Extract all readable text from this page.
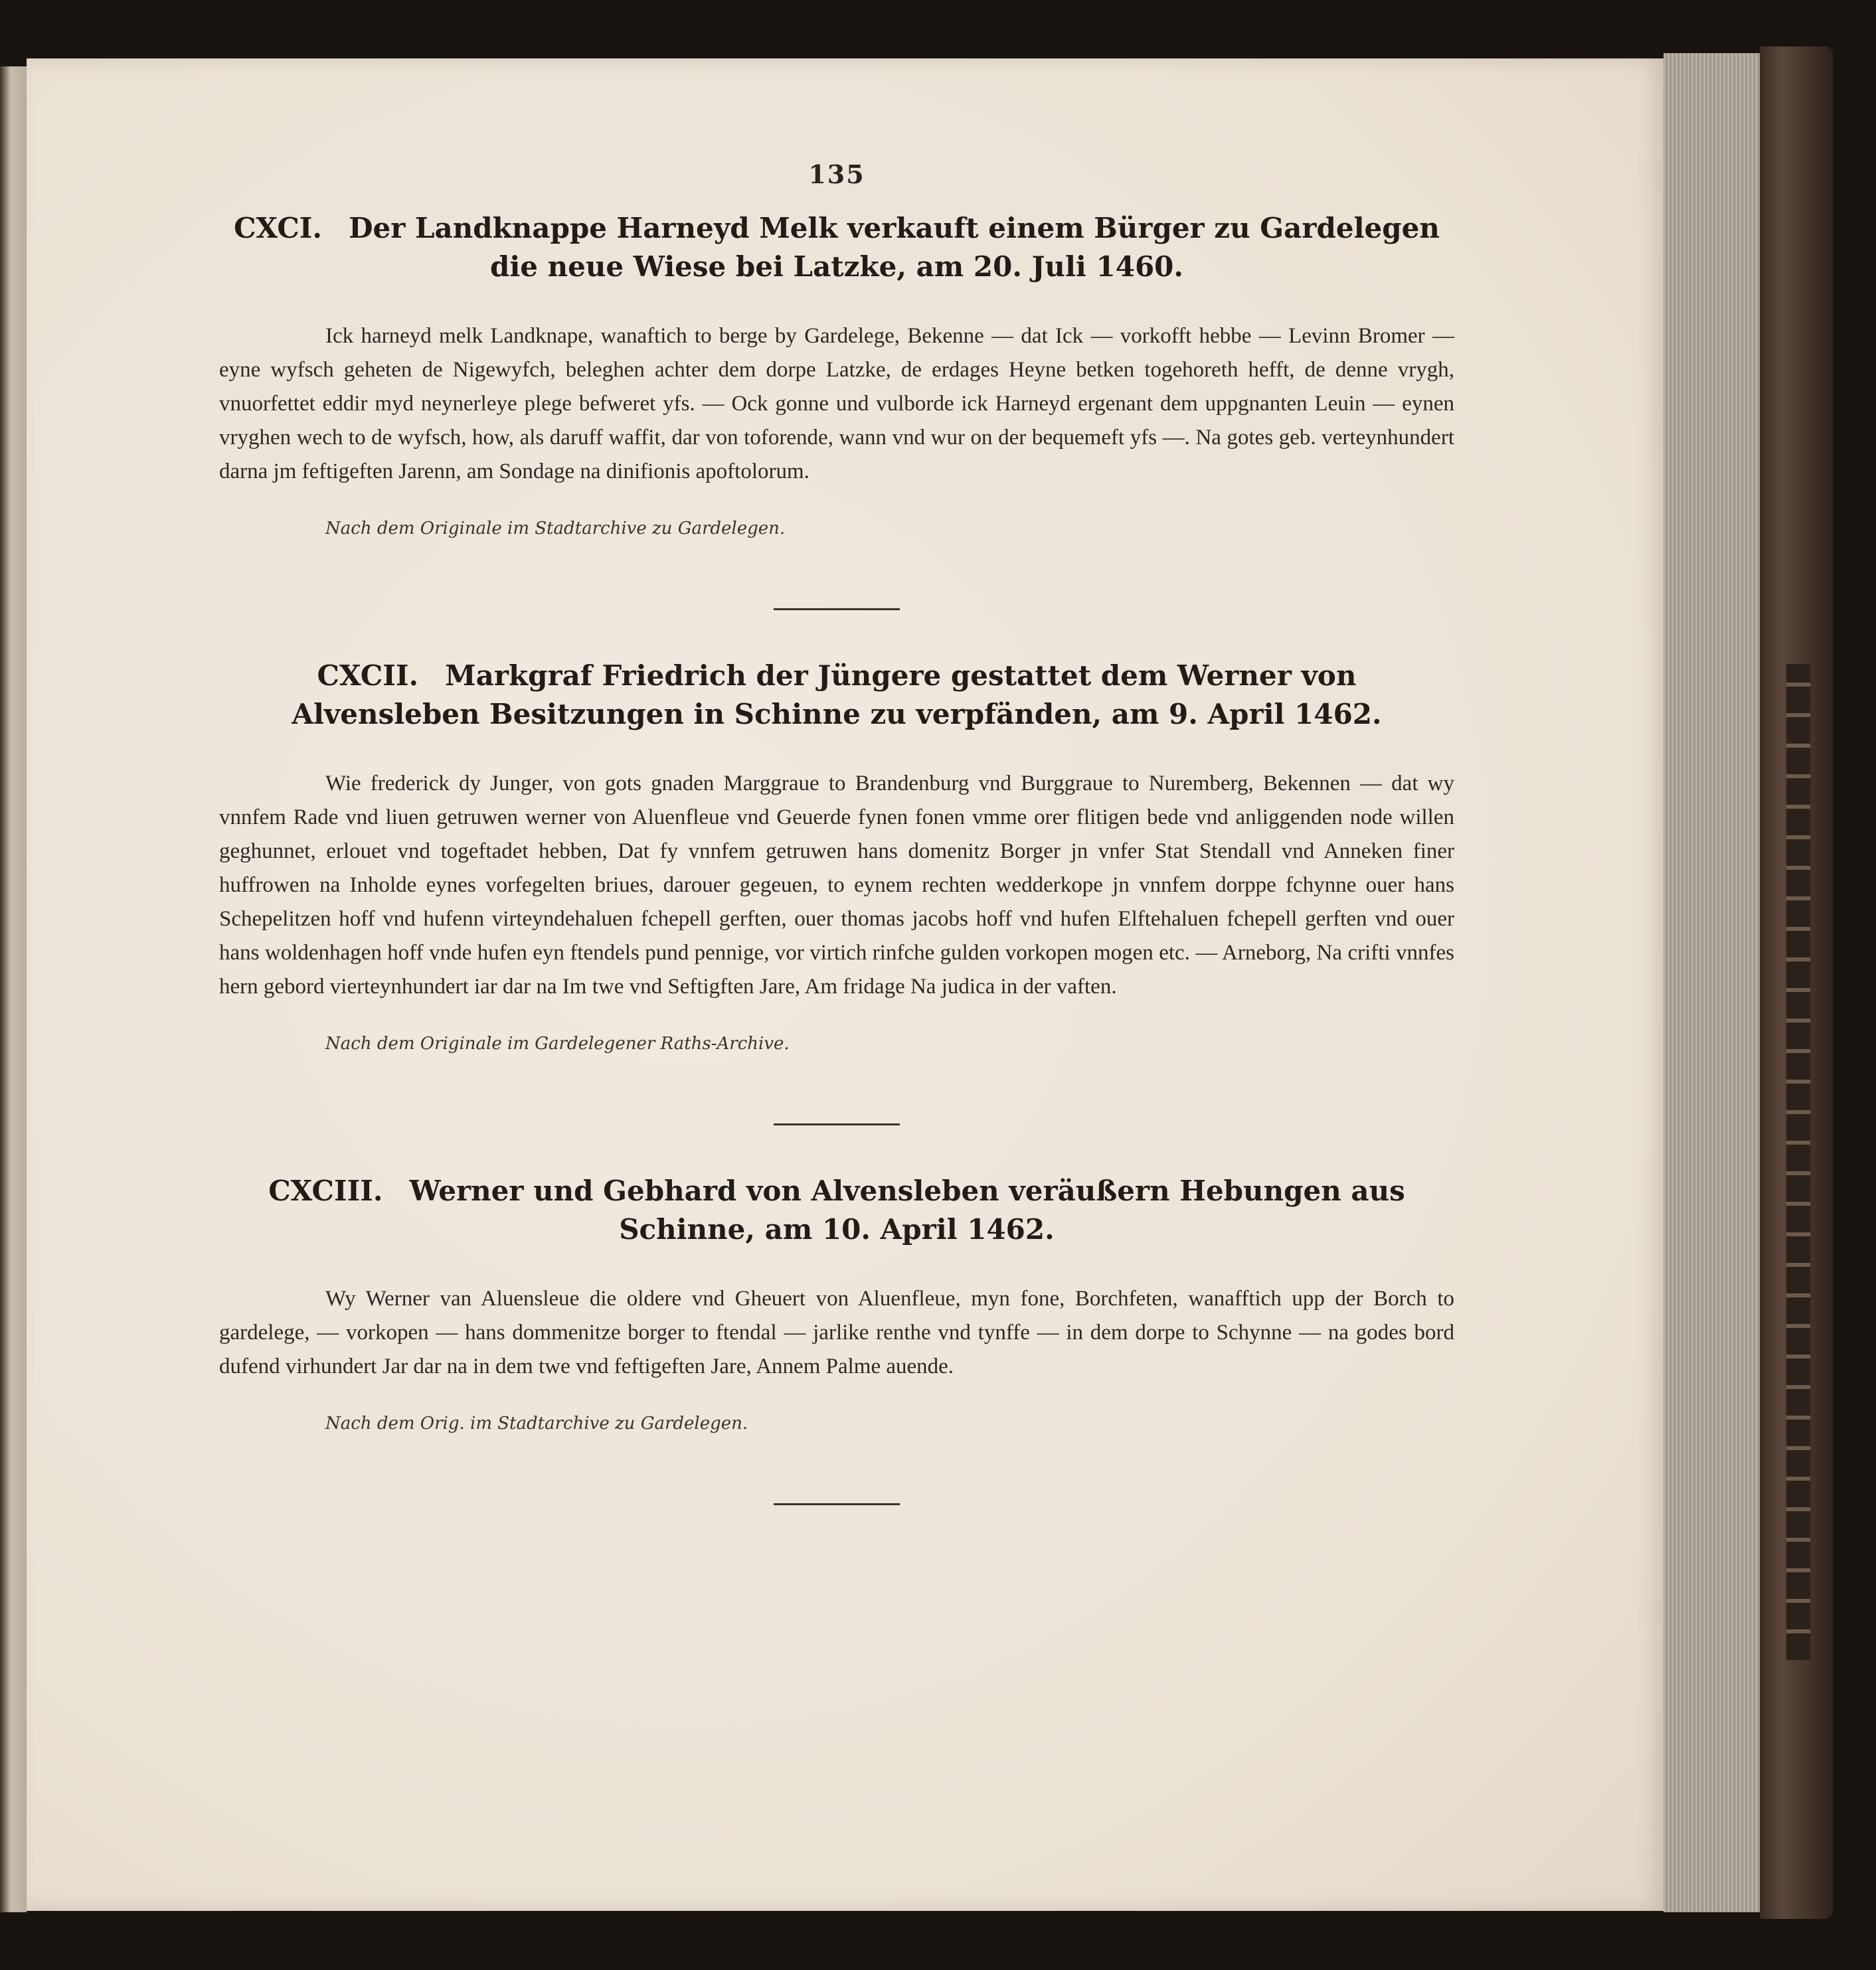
135
CXCI. Der Landknappe Harneyd Melk verkauft einem Bürger zu Gardelegen die neue Wiese bei Latzke, am 20. Juli 1460.

Ick harneyd melk Landknape, wanaftich to berge by Gardelege, Bekenne — dat Ick — vorkofft hebbe — Levinn Bromer — eyne wyfsch geheten de Nigewyfch, beleghen achter dem dorpe Latzke, de erdages Heyne betken togehoreth hefft, de denne vrygh, vnuorfettet eddir myd neynerleye plege befweret yfs. — Ock gonne und vulborde ick Harneyd ergenant dem uppgnanten Leuin — eynen vryghen wech to de wyfsch, how, als daruff waffit, dar von toforende, wann vnd wur on der bequemeft yfs —. Na gotes geb. verteynhundert darna jm feftigeften Jarenn, am Sondage na dinifionis apoftolorum.

Nach dem Originale im Stadtarchive zu Gardelegen.
CXCII. Markgraf Friedrich der Jüngere gestattet dem Werner von Alvensleben Besitzungen in Schinne zu verpfänden, am 9. April 1462.

Wie frederick dy Junger, von gots gnaden Marggraue to Brandenburg vnd Burggraue to Nuremberg, Bekennen — dat wy vnnfem Rade vnd liuen getruwen werner von Aluenfleue vnd Geuerde fynen fonen vmme orer flitigen bede vnd anliggenden node willen geghunnet, erlouet vnd togeftadet hebben, Dat fy vnnfem getruwen hans domenitz Borger jn vnfer Stat Stendall vnd Anneken finer huffrowen na Inholde eynes vorfegelten briues, darouer gegeuen, to eynem rechten wedderkope jn vnnfem dorppe fchynne ouer hans Schepelitzen hoff vnd hufenn virteyndehaluen fchepell gerften, ouer thomas jacobs hoff vnd hufen Elftehaluen fchepell gerften vnd ouer hans woldenhagen hoff vnde hufen eyn ftendels pund pennige, vor virtich rinfche gulden vorkopen mogen etc. — Arneborg, Na crifti vnnfes hern gebord vierteynhundert iar dar na Im twe vnd Seftigften Jare, Am fridage Na judica in der vaften.

Nach dem Originale im Gardelegener Raths-Archive.
CXCIII. Werner und Gebhard von Alvensleben veräußern Hebungen aus Schinne, am 10. April 1462.

Wy Werner van Aluensleue die oldere vnd Gheuert von Aluenfleue, myn fone, Borchfeten, wanafftich upp der Borch to gardelege, — vorkopen — hans dommenitze borger to ftendal — jarlike renthe vnd tynffe — in dem dorpe to Schynne — na godes bord dufend virhundert Jar dar na in dem twe vnd feftigeften Jare, Annem Palme auende.

Nach dem Orig. im Stadtarchive zu Gardelegen.
